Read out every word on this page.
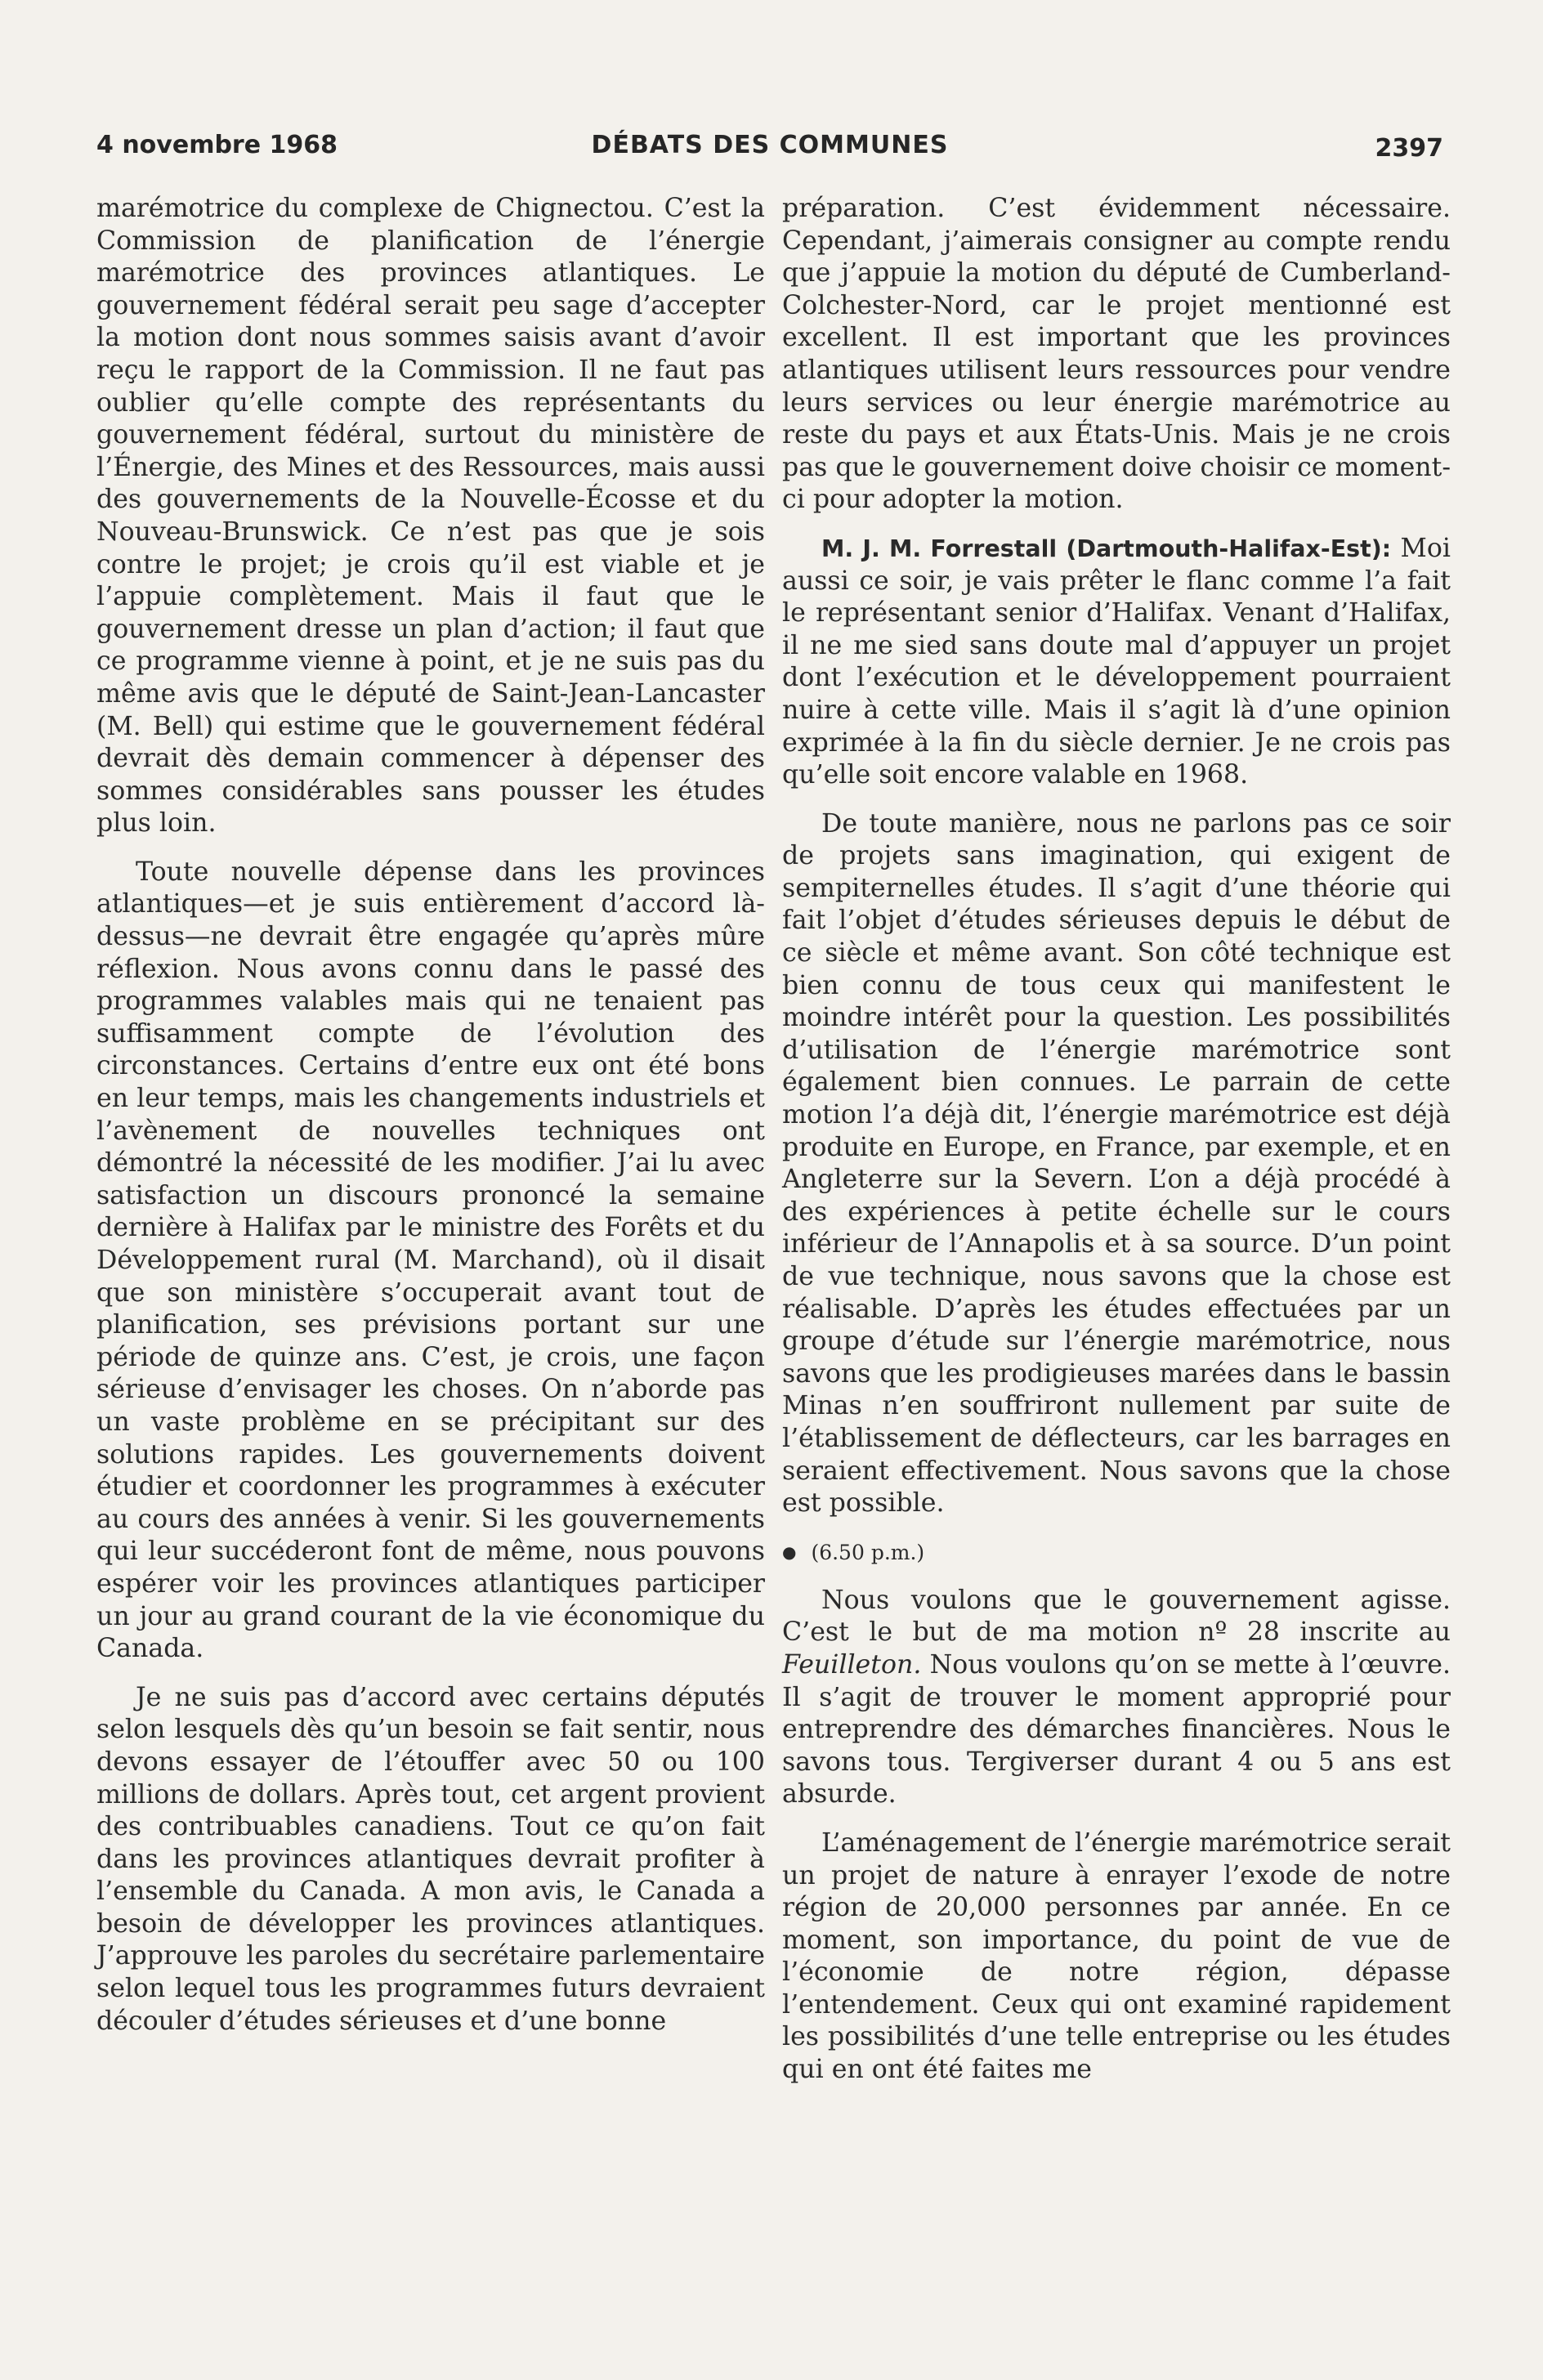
4 novembre 1968	DÉBATS DES COMMUNES	2397

marémotrice du complexe de Chignectou. C’est la Commission de planification de l’énergie marémotrice des provinces atlantiques. Le gouvernement fédéral serait peu sage d’accepter la motion dont nous sommes saisis avant d’avoir reçu le rapport de la Commission. Il ne faut pas oublier qu’elle compte des représentants du gouvernement fédéral, surtout du ministère de l’Énergie, des Mines et des Ressources, mais aussi des gouvernements de la Nouvelle-Écosse et du Nouveau-Brunswick. Ce n’est pas que je sois contre le projet; je crois qu’il est viable et je l’appuie complètement. Mais il faut que le gouvernement dresse un plan d’action; il faut que ce programme vienne à point, et je ne suis pas du même avis que le député de Saint-Jean-Lancaster (M. Bell) qui estime que le gouvernement fédéral devrait dès demain commencer à dépenser des sommes considérables sans pousser les études plus loin.

Toute nouvelle dépense dans les provinces atlantiques—et je suis entièrement d’accord là-dessus—ne devrait être engagée qu’après mûre réflexion. Nous avons connu dans le passé des programmes valables mais qui ne tenaient pas suffisamment compte de l’évolution des circonstances. Certains d’entre eux ont été bons en leur temps, mais les changements industriels et l’avènement de nouvelles techniques ont démontré la nécessité de les modifier. J’ai lu avec satisfaction un discours prononcé la semaine dernière à Halifax par le ministre des Forêts et du Développement rural (M. Marchand), où il disait que son ministère s’occuperait avant tout de planification, ses prévisions portant sur une période de quinze ans. C’est, je crois, une façon sérieuse d’envisager les choses. On n’aborde pas un vaste problème en se précipitant sur des solutions rapides. Les gouvernements doivent étudier et coordonner les programmes à exécuter au cours des années à venir. Si les gouvernements qui leur succéderont font de même, nous pouvons espérer voir les provinces atlantiques participer un jour au grand courant de la vie économique du Canada.

Je ne suis pas d’accord avec certains députés selon lesquels dès qu’un besoin se fait sentir, nous devons essayer de l’étouffer avec 50 ou 100 millions de dollars. Après tout, cet argent provient des contribuables canadiens. Tout ce qu’on fait dans les provinces atlantiques devrait profiter à l’ensemble du Canada. A mon avis, le Canada a besoin de développer les provinces atlantiques. J’approuve les paroles du secrétaire parlementaire selon lequel tous les programmes futurs devraient découler d’études sérieuses et d’une bonne

préparation. C’est évidemment nécessaire. Cependant, j’aimerais consigner au compte rendu que j’appuie la motion du député de Cumberland-Colchester-Nord, car le projet mentionné est excellent. Il est important que les provinces atlantiques utilisent leurs ressources pour vendre leurs services ou leur énergie marémotrice au reste du pays et aux États-Unis. Mais je ne crois pas que le gouvernement doive choisir ce moment-ci pour adopter la motion.

M. J. M. Forrestall (Dartmouth-Halifax-Est): Moi aussi ce soir, je vais prêter le flanc comme l’a fait le représentant senior d’Halifax. Venant d’Halifax, il ne me sied sans doute mal d’appuyer un projet dont l’exécution et le développement pourraient nuire à cette ville. Mais il s’agit là d’une opinion exprimée à la fin du siècle dernier. Je ne crois pas qu’elle soit encore valable en 1968.

De toute manière, nous ne parlons pas ce soir de projets sans imagination, qui exigent de sempiternelles études. Il s’agit d’une théorie qui fait l’objet d’études sérieuses depuis le début de ce siècle et même avant. Son côté technique est bien connu de tous ceux qui manifestent le moindre intérêt pour la question. Les possibilités d’utilisation de l’énergie marémotrice sont également bien connues. Le parrain de cette motion l’a déjà dit, l’énergie marémotrice est déjà produite en Europe, en France, par exemple, et en Angleterre sur la Severn. L’on a déjà procédé à des expériences à petite échelle sur le cours inférieur de l’Annapolis et à sa source. D’un point de vue technique, nous savons que la chose est réalisable. D’après les études effectuées par un groupe d’étude sur l’énergie marémotrice, nous savons que les prodigieuses marées dans le bassin Minas n’en souffriront nullement par suite de l’établissement de déflecteurs, car les barrages en seraient effectivement. Nous savons que la chose est possible.

● (6.50 p.m.)

Nous voulons que le gouvernement agisse. C’est le but de ma motion nº 28 inscrite au Feuilleton. Nous voulons qu’on se mette à l’œuvre. Il s’agit de trouver le moment approprié pour entreprendre des démarches financières. Nous le savons tous. Tergiverser durant 4 ou 5 ans est absurde.

L’aménagement de l’énergie marémotrice serait un projet de nature à enrayer l’exode de notre région de 20,000 personnes par année. En ce moment, son importance, du point de vue de l’économie de notre région, dépasse l’entendement. Ceux qui ont examiné rapidement les possibilités d’une telle entreprise ou les études qui en ont été faites me
